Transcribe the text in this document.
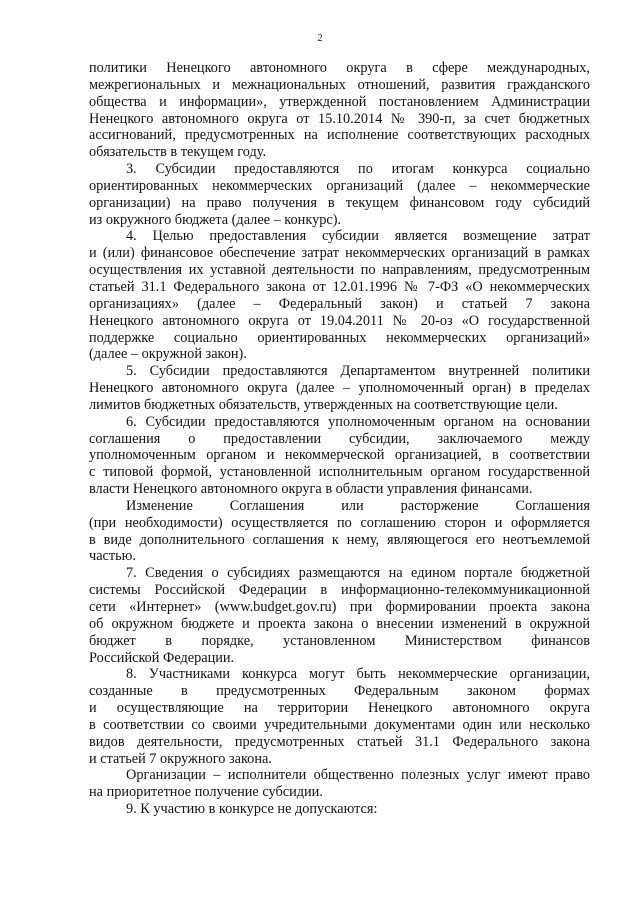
2
политики Ненецкого автономного округа в сфере международных,
межрегиональных и межнациональных отношений, развития гражданского
общества и информации», утвержденной постановлением Администрации
Ненецкого автономного округа от 15.10.2014 № 390-п, за счет бюджетных
ассигнований, предусмотренных на исполнение соответствующих расходных
обязательств в текущем году.
3. Субсидии предоставляются по итогам конкурса социально
ориентированных некоммерческих организаций (далее – некоммерческие
организации) на право получения в текущем финансовом году субсидий
из окружного бюджета (далее – конкурс).
4. Целью предоставления субсидии является возмещение затрат
и (или) финансовое обеспечение затрат некоммерческих организаций в рамках
осуществления их уставной деятельности по направлениям, предусмотренным
статьей 31.1 Федерального закона от 12.01.1996 № 7-ФЗ «О некоммерческих
организациях» (далее – Федеральный закон) и статьей 7 закона
Ненецкого автономного округа от 19.04.2011 № 20-оз «О государственной
поддержке социально ориентированных некоммерческих организаций»
(далее – окружной закон).
5. Субсидии предоставляются Департаментом внутренней политики
Ненецкого автономного округа (далее – уполномоченный орган) в пределах
лимитов бюджетных обязательств, утвержденных на соответствующие цели.
6. Субсидии предоставляются уполномоченным органом на основании
соглашения о предоставлении субсидии, заключаемого между
уполномоченным органом и некоммерческой организацией, в соответствии
с типовой формой, установленной исполнительным органом государственной
власти Ненецкого автономного округа в области управления финансами.
Изменение Соглашения или расторжение Соглашения
(при необходимости) осуществляется по соглашению сторон и оформляется
в виде дополнительного соглашения к нему, являющегося его неотъемлемой
частью.
7. Сведения о субсидиях размещаются на едином портале бюджетной
системы Российской Федерации в информационно-телекоммуникационной
сети «Интернет» (www.budget.gov.ru) при формировании проекта закона
об окружном бюджете и проекта закона о внесении изменений в окружной
бюджет в порядке, установленном Министерством финансов
Российской Федерации.
8. Участниками конкурса могут быть некоммерческие организации,
созданные в предусмотренных Федеральным законом формах
и осуществляющие на территории Ненецкого автономного округа
в соответствии со своими учредительными документами один или несколько
видов деятельности, предусмотренных статьей 31.1 Федерального закона
и статьей 7 окружного закона.
Организации – исполнители общественно полезных услуг имеют право
на приоритетное получение субсидии.
9. К участию в конкурсе не допускаются:
